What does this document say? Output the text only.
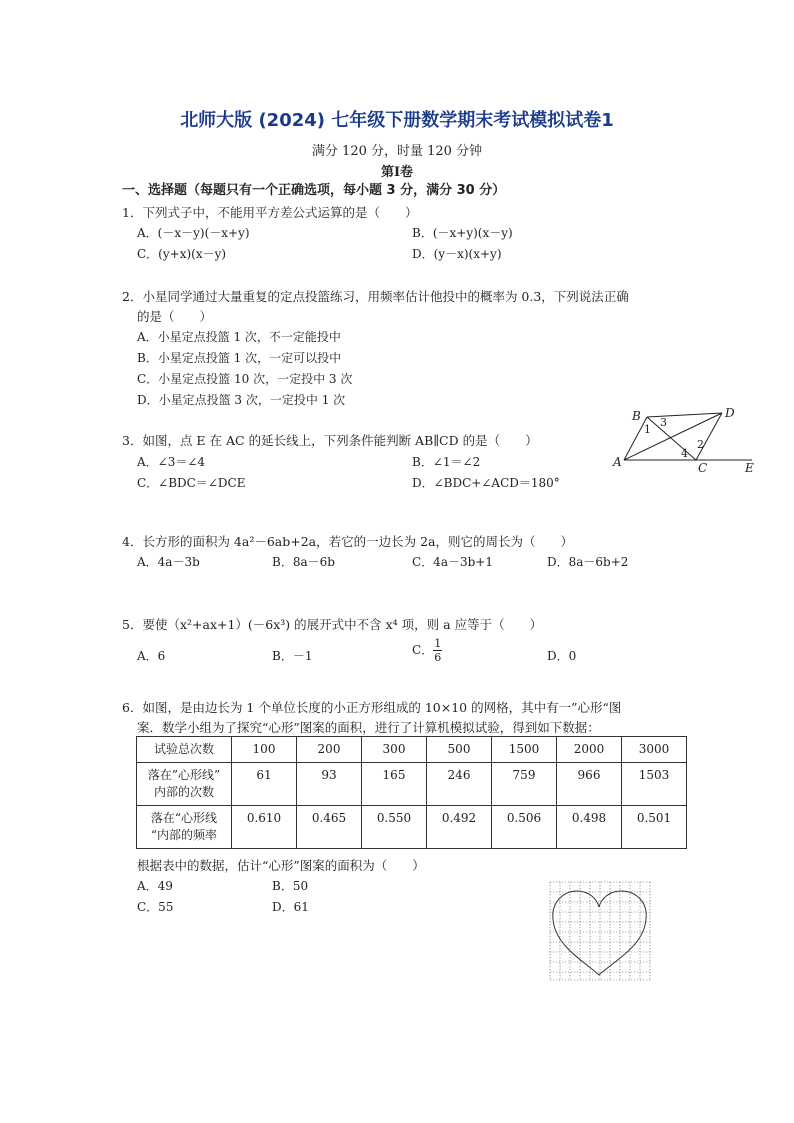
北师大版 (2024) 七年级下册数学期末考试模拟试卷1
满分 120 分，时量 120 分钟
第Ⅰ卷
一、选择题（每题只有一个正确选项，每小题 3 分，满分 30 分）
1．下列式子中，不能用平方差公式运算的是（　　）
A．(－x－y)(－x+y)	B．(－x+y)(x－y)
C．(y+x)(x－y)	D．(y－x)(x+y)
2．小星同学通过大量重复的定点投篮练习，用频率估计他投中的概率为 0.3，下列说法正确
的是（　　）
A．小星定点投篮 1 次，不一定能投中
B．小星定点投篮 1 次，一定可以投中
C．小星定点投篮 10 次，一定投中 3 次
D．小星定点投篮 3 次，一定投中 1 次
3．如图，点 E 在 AC 的延长线上，下列条件能判断 AB∥CD 的是（　　）
A．∠3＝∠4	B．∠1＝∠2
C．∠BDC＝∠DCE	D．∠BDC+∠ACD＝180°
B	D
A	C	E
1
3
2
4
4．长方形的面积为 4a²－6ab+2a，若它的一边长为 2a，则它的周长为（　　）
A．4a－3b	B．8a－6b	C．4a－3b+1	D．8a－6b+2
5．要使（x²+ax+1）(－6x³) 的展开式中不含 x⁴ 项，则 a 应等于（　　）
A．6	B．－1	C． $\frac{1}{6}$	D．0
6．如图，是由边长为 1 个单位长度的小正方形组成的 10×10 的网格，其中有一”心形“图
案．数学小组为了探究“心形”图案的面积，进行了计算机模拟试验，得到如下数据：
试验总次数	100	200	300	500	1500	2000	3000
落在”心形线”
内部的次数	61	93	165	246	759	966	1503
落在“心形线
“内部的频率	0.610	0.465	0.550	0.492	0.506	0.498	0.501
根据表中的数据，估计“心形”图案的面积为（　　）
A．49	B．50
C．55	D．61
